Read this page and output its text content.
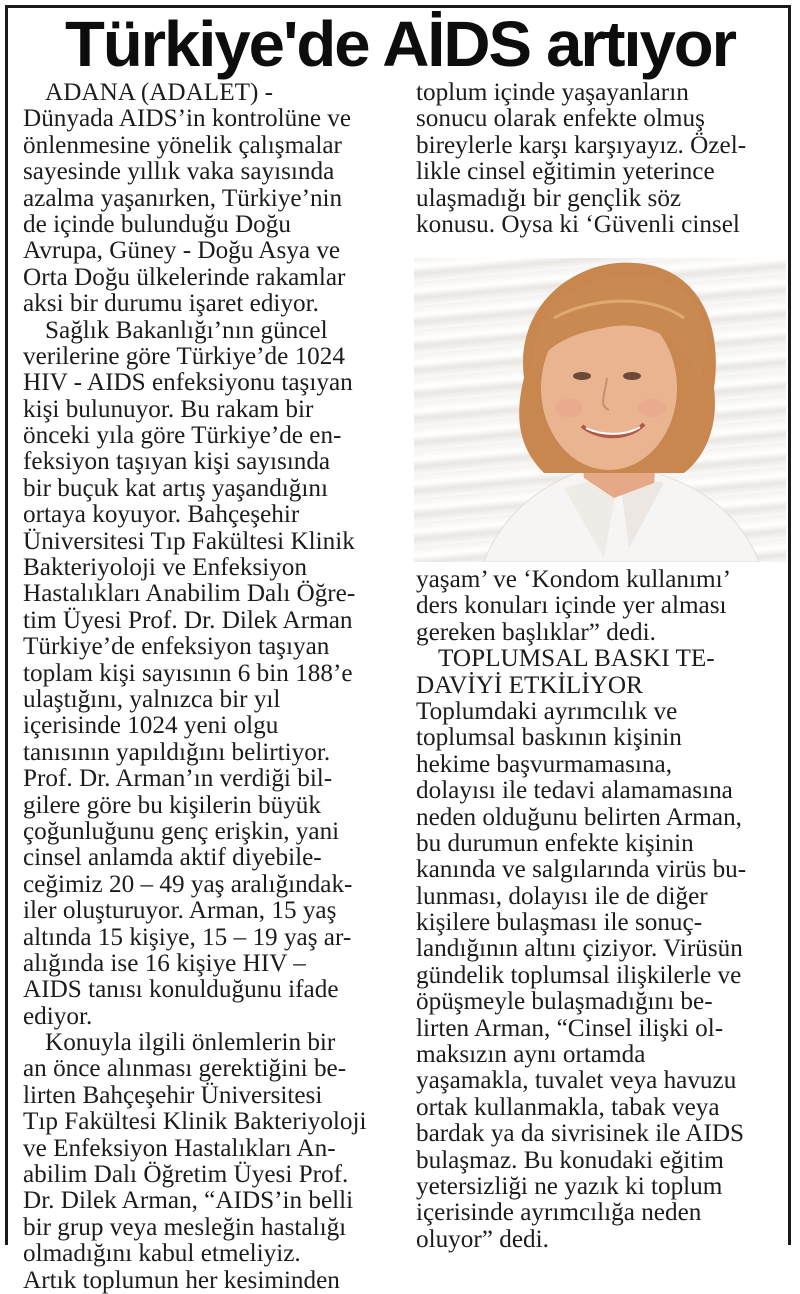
Türkiye'de AİDS artıyor
ADANA (ADALET) -
Dünyada AIDS’in kontrolüne ve
önlenmesine yönelik çalışmalar
sayesinde yıllık vaka sayısında
azalma yaşanırken, Türkiye’nin
de içinde bulunduğu Doğu
Avrupa, Güney - Doğu Asya ve
Orta Doğu ülkelerinde rakamlar
aksi bir durumu işaret ediyor.
Sağlık Bakanlığı’nın güncel
verilerine göre Türkiye’de 1024
HIV - AIDS enfeksiyonu taşıyan
kişi bulunuyor. Bu rakam bir
önceki yıla göre Türkiye’de en-
feksiyon taşıyan kişi sayısında
bir buçuk kat artış yaşandığını
ortaya koyuyor. Bahçeşehir
Üniversitesi Tıp Fakültesi Klinik
Bakteriyoloji ve Enfeksiyon
Hastalıkları Anabilim Dalı Öğre-
tim Üyesi Prof. Dr. Dilek Arman
Türkiye’de enfeksiyon taşıyan
toplam kişi sayısının 6 bin 188’e
ulaştığını, yalnızca bir yıl
içerisinde 1024 yeni olgu
tanısının yapıldığını belirtiyor.
Prof. Dr. Arman’ın verdiği bil-
gilere göre bu kişilerin büyük
çoğunluğunu genç erişkin, yani
cinsel anlamda aktif diyebile-
ceğimiz 20 – 49 yaş aralığındak-
iler oluşturuyor. Arman, 15 yaş
altında 15 kişiye, 15 – 19 yaş ar-
alığında ise 16 kişiye HIV –
AIDS tanısı konulduğunu ifade
ediyor.
Konuyla ilgili önlemlerin bir
an önce alınması gerektiğini be-
lirten Bahçeşehir Üniversitesi
Tıp Fakültesi Klinik Bakteriyoloji
ve Enfeksiyon Hastalıkları An-
abilim Dalı Öğretim Üyesi Prof.
Dr. Dilek Arman, “AIDS’in belli
bir grup veya mesleğin hastalığı
olmadığını kabul etmeliyiz.
Artık toplumun her kesiminden
toplum içinde yaşayanların
sonucu olarak enfekte olmuş
bireylerle karşı karşıyayız. Özel-
likle cinsel eğitimin yeterince
ulaşmadığı bir gençlik söz
konusu. Oysa ki ‘Güvenli cinsel
yaşam’ ve ‘Kondom kullanımı’
ders konuları içinde yer alması
gereken başlıklar” dedi.
TOPLUMSAL BASKI TE-
DAVİYİ ETKİLİYOR
Toplumdaki ayrımcılık ve
toplumsal baskının kişinin
hekime başvurmamasına,
dolayısı ile tedavi alamamasına
neden olduğunu belirten Arman,
bu durumun enfekte kişinin
kanında ve salgılarında virüs bu-
lunması, dolayısı ile de diğer
kişilere bulaşması ile sonuç-
landığının altını çiziyor. Virüsün
gündelik toplumsal ilişkilerle ve
öpüşmeyle bulaşmadığını be-
lirten Arman, “Cinsel ilişki ol-
maksızın aynı ortamda
yaşamakla, tuvalet veya havuzu
ortak kullanmakla, tabak veya
bardak ya da sivrisinek ile AIDS
bulaşmaz. Bu konudaki eğitim
yetersizliği ne yazık ki toplum
içerisinde ayrımcılığa neden
oluyor” dedi.
